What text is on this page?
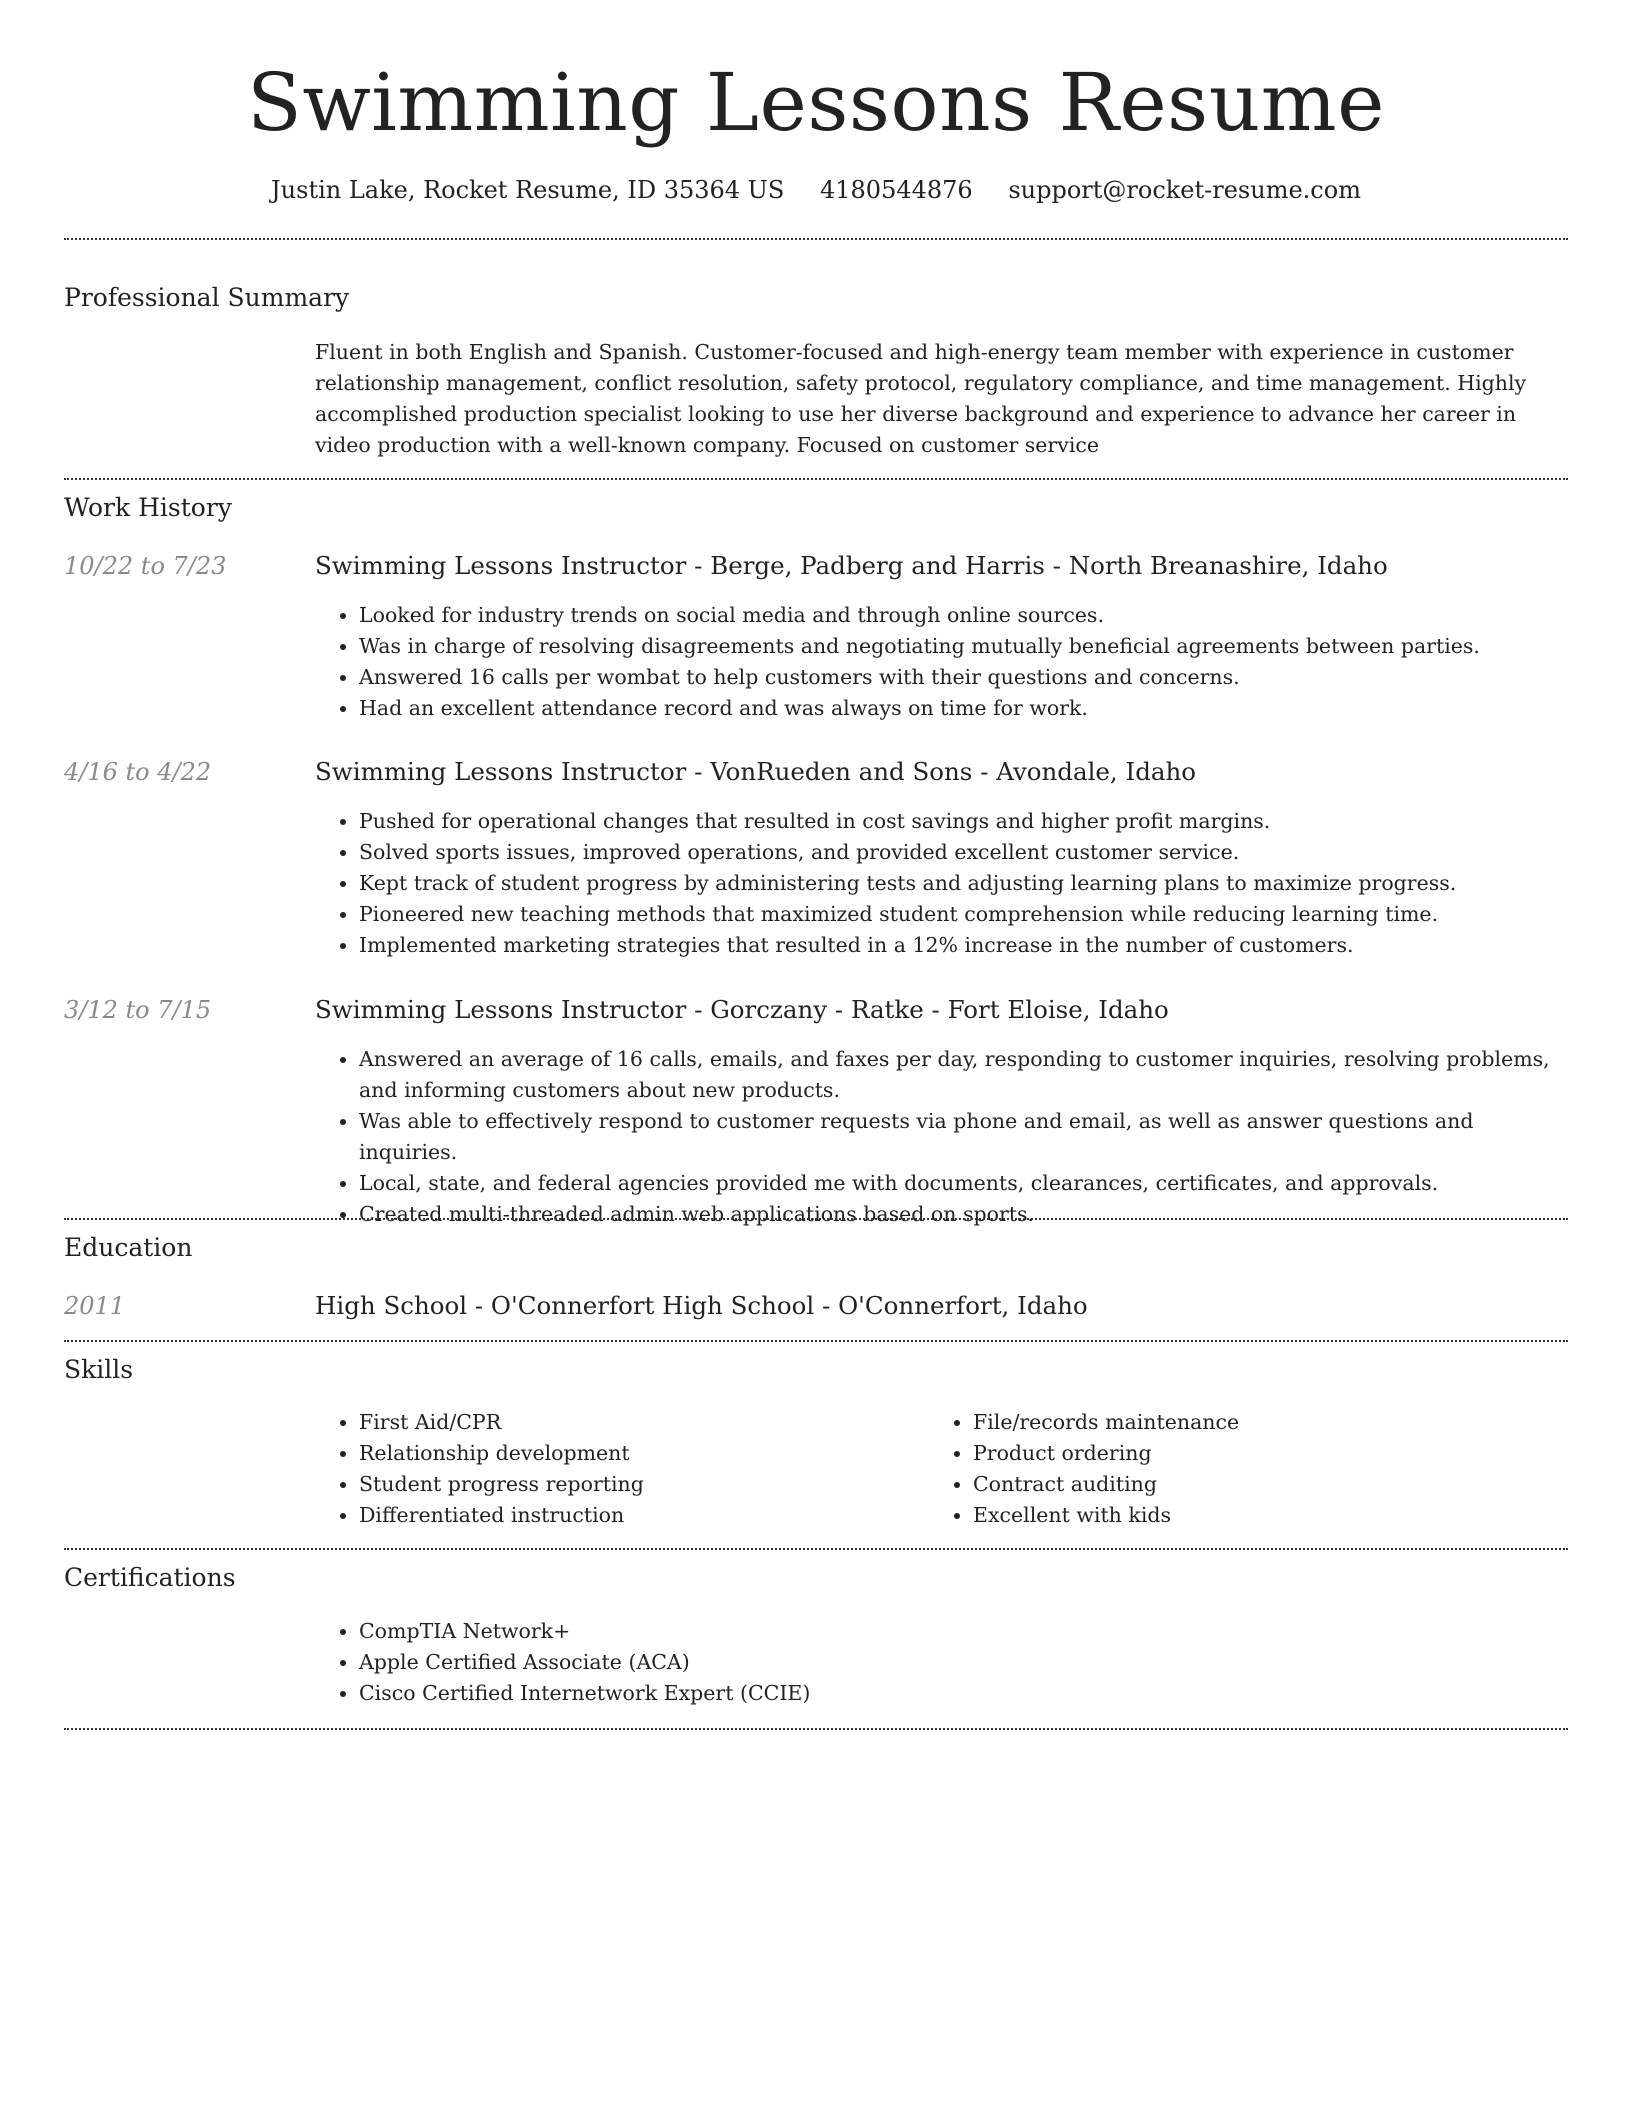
Swimming Lessons Resume
Justin Lake, Rocket Resume, ID 35364 US 4180544876 support@rocket-resume.com
Professional Summary
Fluent in both English and Spanish. Customer-focused and high-energy team member with experience in customer relationship management, conflict resolution, safety protocol, regulatory compliance, and time management. Highly accomplished production specialist looking to use her diverse background and experience to advance her career in video production with a well-known company. Focused on customer service
Work History
10/22 to 7/23	Swimming Lessons Instructor - Berge, Padberg and Harris - North Breanashire, Idaho
• Looked for industry trends on social media and through online sources.
• Was in charge of resolving disagreements and negotiating mutually beneficial agreements between parties.
• Answered 16 calls per wombat to help customers with their questions and concerns.
• Had an excellent attendance record and was always on time for work.
4/16 to 4/22	Swimming Lessons Instructor - VonRueden and Sons - Avondale, Idaho
• Pushed for operational changes that resulted in cost savings and higher profit margins.
• Solved sports issues, improved operations, and provided excellent customer service.
• Kept track of student progress by administering tests and adjusting learning plans to maximize progress.
• Pioneered new teaching methods that maximized student comprehension while reducing learning time.
• Implemented marketing strategies that resulted in a 12% increase in the number of customers.
3/12 to 7/15	Swimming Lessons Instructor - Gorczany - Ratke - Fort Eloise, Idaho
• Answered an average of 16 calls, emails, and faxes per day, responding to customer inquiries, resolving problems, and informing customers about new products.
• Was able to effectively respond to customer requests via phone and email, as well as answer questions and inquiries.
• Local, state, and federal agencies provided me with documents, clearances, certificates, and approvals.
• Created multi-threaded admin web applications based on sports.
Education
2011	High School - O'Connerfort High School - O'Connerfort, Idaho
Skills
• First Aid/CPR
• Relationship development
• Student progress reporting
• Differentiated instruction
• File/records maintenance
• Product ordering
• Contract auditing
• Excellent with kids
Certifications
• CompTIA Network+
• Apple Certified Associate (ACA)
• Cisco Certified Internetwork Expert (CCIE)
